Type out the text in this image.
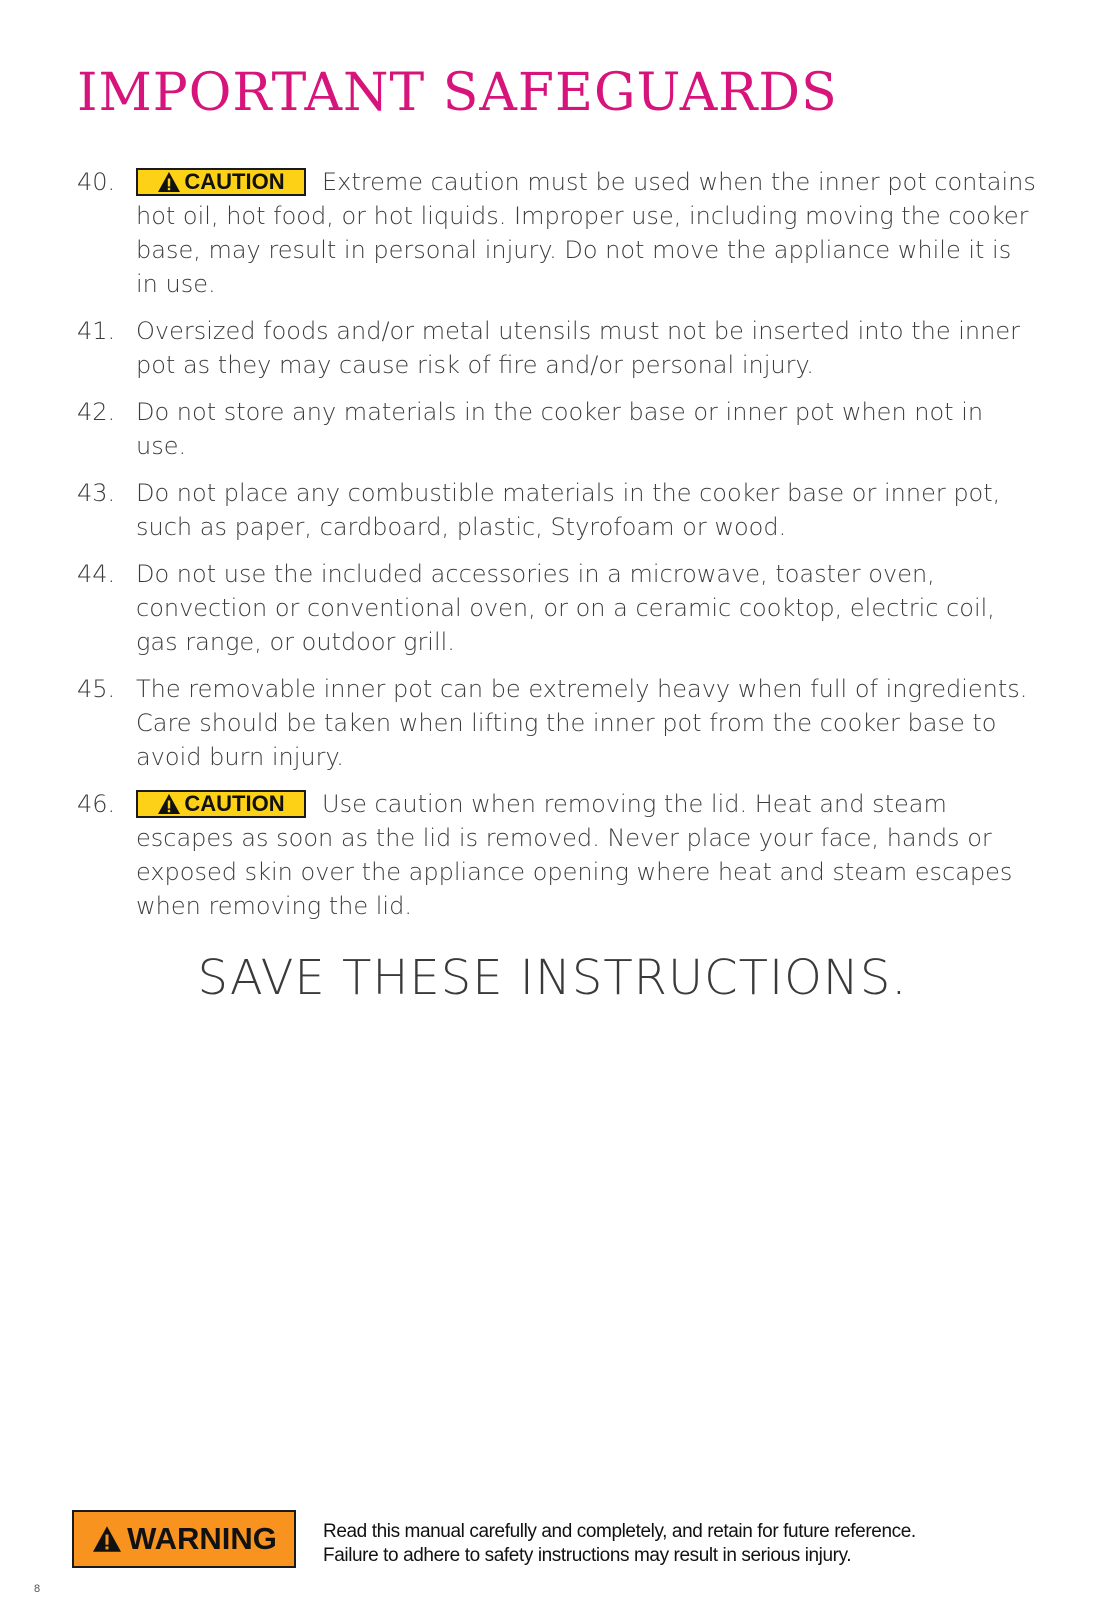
IMPORTANT SAFEGUARDS
40.	CAUTION Extreme caution must be used when the inner pot contains hot oil, hot food, or hot liquids. Improper use, including moving the cooker base, may result in personal injury. Do not move the appliance while it is in use.
41. Oversized foods and/or metal utensils must not be inserted into the inner pot as they may cause risk of fire and/or personal injury.
42. Do not store any materials in the cooker base or inner pot when not in use.
43. Do not place any combustible materials in the cooker base or inner pot, such as paper, cardboard, plastic, Styrofoam or wood.
44. Do not use the included accessories in a microwave, toaster oven, convection or conventional oven, or on a ceramic cooktop, electric coil, gas range, or outdoor grill.
45. The removable inner pot can be extremely heavy when full of ingredients. Care should be taken when lifting the inner pot from the cooker base to avoid burn injury.
46.	CAUTION Use caution when removing the lid. Heat and steam escapes as soon as the lid is removed. Never place your face, hands or exposed skin over the appliance opening where heat and steam escapes when removing the lid.
SAVE THESE INSTRUCTIONS.
WARNING Read this manual carefully and completely, and retain for future reference.
Failure to adhere to safety instructions may result in serious injury.
8
